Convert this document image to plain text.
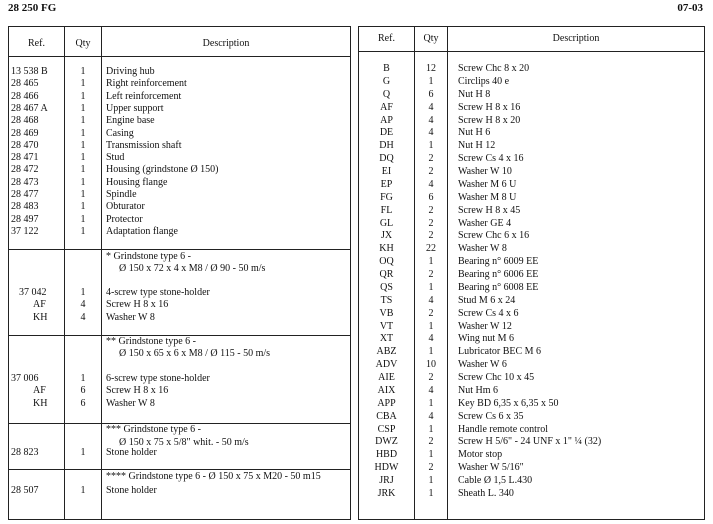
28 250 FG	07-03
Ref.	Qty	Description
13 538 B	1	Driving hub
28 465	1	Right reinforcement
28 466	1	Left reinforcement
28 467 A	1	Upper support
28 468	1	Engine base
28 469	1	Casing
28 470	1	Transmission shaft
28 471	1	Stud
28 472	1	Housing (grindstone Ø 150)
28 473	1	Housing flange
28 477	1	Spindle
28 483	1	Obturator
28 497	1	Protector
37 122	1	Adaptation flange
* Grindstone type 6 -
Ø 150 x 72 x 4 x M8 / Ø 90 - 50 m/s
37 042	1	4-screw type stone-holder
AF	4	Screw H 8 x 16
KH	4	Washer W 8
** Grindstone type 6 -
Ø 150 x 65 x 6 x M8 / Ø 115 - 50 m/s
37 006	1	6-screw type stone-holder
AF	6	Screw H 8 x 16
KH	6	Washer W 8
*** Grindstone type 6 -
Ø 150 x 75 x 5/8" whit. - 50 m/s
28 823	1	Stone holder
**** Grindstone type 6 - Ø 150 x 75 x M20 - 50 m15
28 507	1	Stone holder
Ref.	Qty	Description
B	12	Screw Chc 8 x 20
G	1	Circlips 40 e
Q	6	Nut H 8
AF	4	Screw H 8 x 16
AP	4	Screw H 8 x 20
DE	4	Nut H 6
DH	1	Nut H 12
DQ	2	Screw Cs 4 x 16
EI	2	Washer W 10
EP	4	Washer M 6 U
FG	6	Washer M 8 U
FL	2	Screw H 8 x 45
GL	2	Washer GE 4
JX	2	Screw Chc 6 x 16
KH	22	Washer W 8
OQ	1	Bearing n° 6009 EE
QR	2	Bearing n° 6006 EE
QS	1	Bearing n° 6008 EE
TS	4	Stud M 6 x 24
VB	2	Screw Cs 4 x 6
VT	1	Washer W 12
XT	4	Wing nut M 6
ABZ	1	Lubricator BEC M 6
ADV	10	Washer W 6
AIE	2	Screw Chc 10 x 45
AIX	4	Nut Hm 6
APP	1	Key BD 6,35 x 6,35 x 50
CBA	4	Screw Cs 6 x 35
CSP	1	Handle remote control
DWZ	2	Screw H 5/6" - 24 UNF x 1" ¼ (32)
HBD	1	Motor stop
HDW	2	Washer W 5/16"
JRJ	1	Cable Ø 1,5 L.430
JRK	1	Sheath L. 340
